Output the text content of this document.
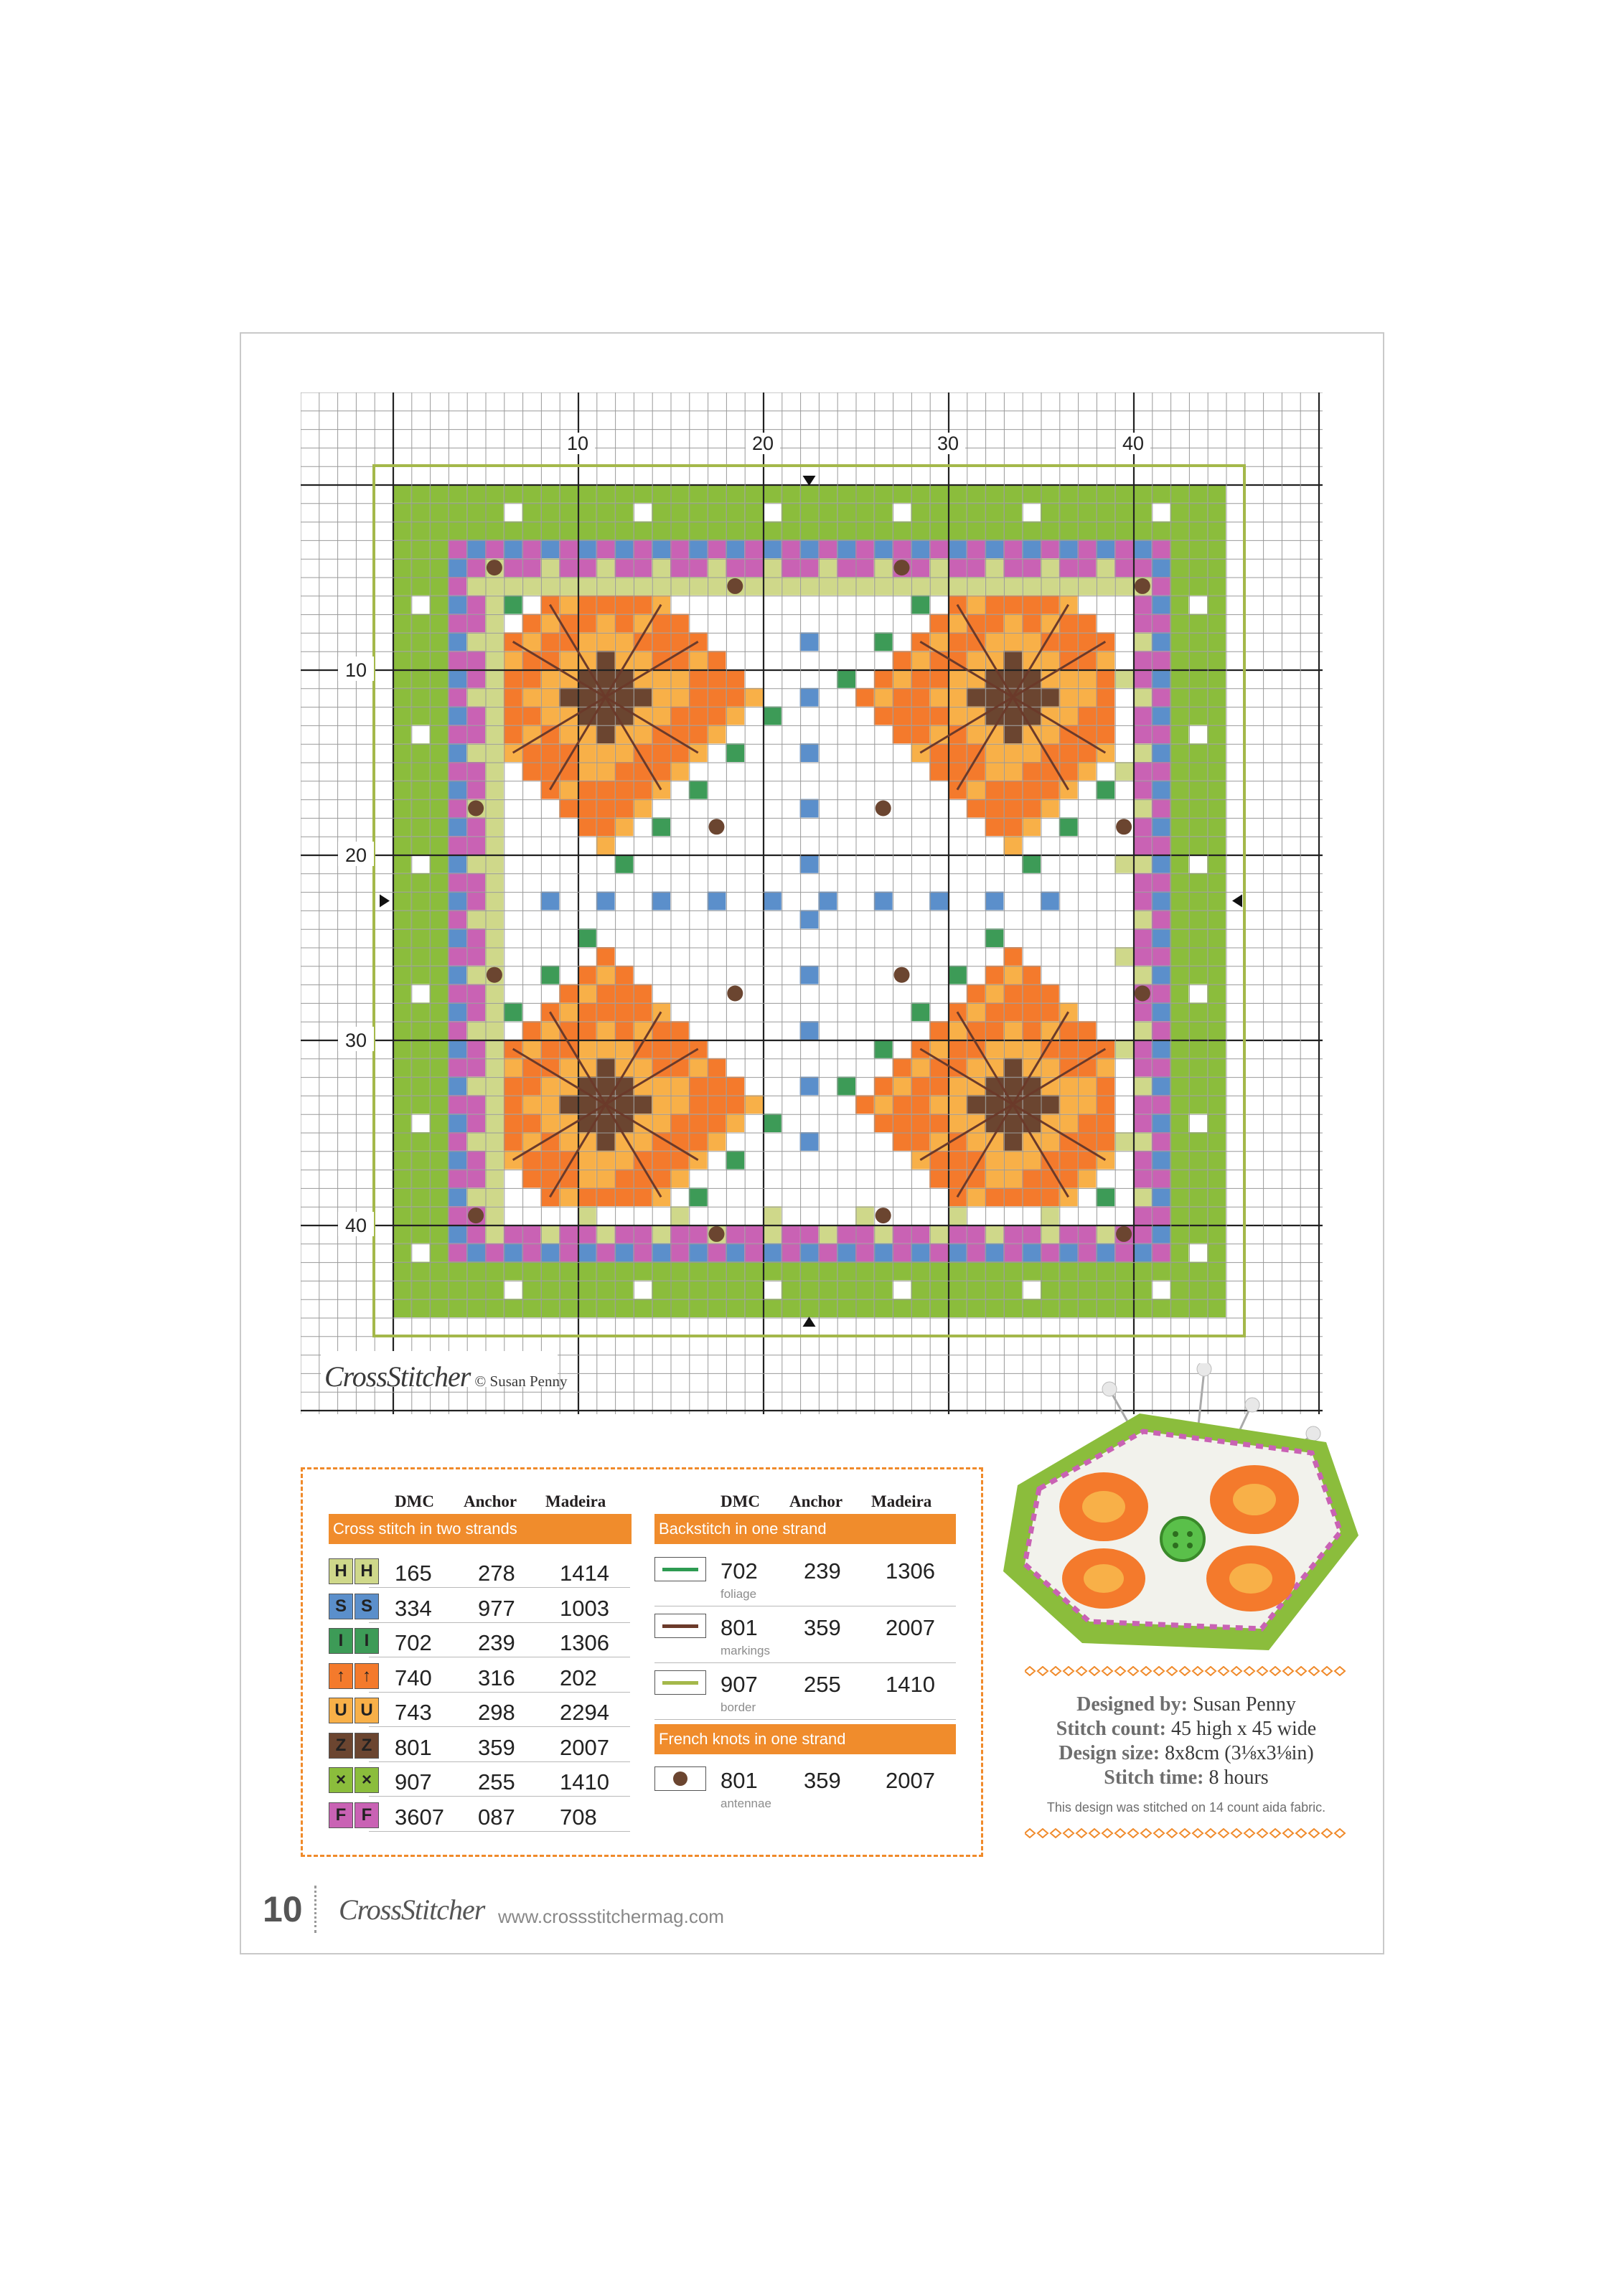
10	20	30	40
10
20
30
40
CrossStitcher © Susan Penny
DMC Anchor Madeira
Cross stitch in two strands
H H 165 278 1414
S S 334 977 1003
I	I	702 239 1306
↑	↑	740 316 202
U U 743 298 2294
Z Z	801 359 2007
× ×	907 255 1410
F F	3607 087 708
DMC Anchor Madeira
Backstitch in one strand
702 239 1306
foliage
801 359 2007
markings
907 255 1410
border
French knots in one strand
801 359 2007
antennae
Designed by: Susan Penny
Stitch count: 45 high x 45 wide
Design size: 8x8cm (3⅛x3⅛in)
Stitch time: 8 hours
This design was stitched on 14 count aida fabric.
10 CrossStitcher www.crossstitchermag.com
